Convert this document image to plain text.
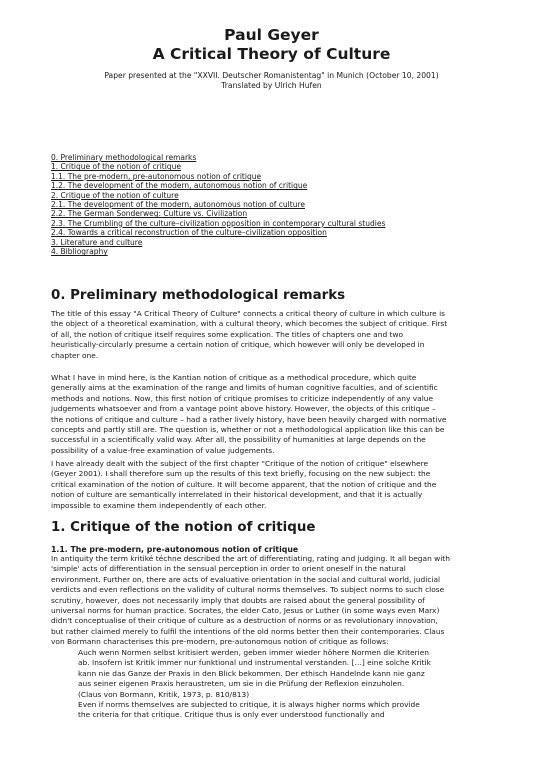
Paul Geyer
A Critical Theory of Culture
Paper presented at the "XXVII. Deutscher Romanistentag" in Munich (October 10, 2001)
Translated by Ulrich Hufen
0. Preliminary methodological remarks
1. Critique of the notion of critique
1.1. The pre-modern, pre-autonomous notion of critique
1.2. The development of the modern, autonomous notion of critique
2. Critique of the notion of culture
2.1. The development of the modern, autonomous notion of culture
2.2. The German Sonderweg: Culture vs. Civilization
2.3. The Crumbling of the culture–civilization opposition in contemporary cultural studies
2.4. Towards a critical reconstruction of the culture–civilization opposition
3. Literature and culture
4. Bibliography
0. Preliminary methodological remarks
The title of this essay "A Critical Theory of Culture" connects a critical theory of culture in which culture is
the object of a theoretical examination, with a cultural theory, which becomes the subject of critique. First
of all, the notion of critique itself requires some explication. The titles of chapters one and two
heuristically-circularly presume a certain notion of critique, which however will only be developed in
chapter one.
What I have in mind here, is the Kantian notion of critique as a methodical procedure, which quite
generally aims at the examination of the range and limits of human cognitive faculties, and of scientific
methods and notions. Now, this first notion of critique promises to criticize independently of any value
judgements whatsoever and from a vantage point above history. However, the objects of this critique –
the notions of critique and culture – had a rather lively history, have been heavily charged with normative
concepts and partly still are. The question is, whether or not a methodological application like this can be
successful in a scientifically valid way. After all, the possibility of humanities at large depends on the
possibility of a value-free examination of value judgements.
I have already dealt with the subject of the first chapter "Critique of the notion of critique" elsewhere
(Geyer 2001). I shall therefore sum up the results of this text briefly, focusing on the new subject: the
critical examination of the notion of culture. It will become apparent, that the notion of critique and the
notion of culture are semantically interrelated in their historical development, and that it is actually
impossible to examine them independently of each other.
1. Critique of the notion of critique
1.1. The pre-modern, pre-autonomous notion of critique
In antiquity the term kritiké téchne described the art of differentiating, rating and judging. It all began with
'simple' acts of differentiation in the sensual perception in order to orient oneself in the natural
environment. Further on, there are acts of evaluative orientation in the social and cultural world, judicial
verdicts and even reflections on the validity of cultural norms themselves. To subject norms to such close
scrutiny, however, does not necessarily imply that doubts are raised about the general possibility of
universal norms for human practice. Socrates, the elder Cato, Jesus or Luther (in some ways even Marx)
didn't conceptualise of their critique of culture as a destruction of norms or as revolutionary innovation,
but rather claimed merely to fulfil the intentions of the old norms better then their contemporaries. Claus
von Bormann characterises this pre-modern, pre-autonomous notion of critique as follows:
Auch wenn Normen selbst kritisiert werden, geben immer wieder höhere Normen die Kriterien
ab. Insofern ist Kritik immer nur funktional und instrumental verstanden. […] eine solche Kritik
kann nie das Ganze der Praxis in den Blick bekommen. Der ethisch Handelnde kann nie ganz
aus seiner eigenen Praxis heraustreten, um sie in die Prüfung der Reflexion einzuholen.
(Claus von Bormann, Kritik, 1973, p. 810/813)
Even if norms themselves are subjected to critique, it is always higher norms which provide
the criteria for that critique. Critique thus is only ever understood functionally and
